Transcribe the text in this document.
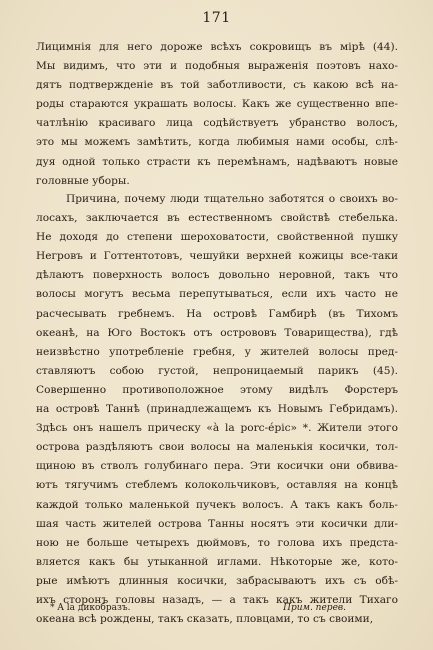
171
Лицимнія для него дороже всѣхъ сокровищъ въ мірѣ (44).
Мы видимъ, что эти и подобныя выраженія поэтовъ нахо-
дятъ подтвержденіе въ той заботливости, съ какою всѣ на-
роды стараются украшать волосы. Какъ же существенно впе-
чатлѣнію красиваго лица содѣйствуетъ убранство волосъ,
это мы можемъ замѣтить, когда любимыя нами особы, слѣ-
дуя одной только страсти къ перемѣнамъ, надѣваютъ новые
головные уборы.
Причина, почему люди тщательно заботятся о своихъ во-
лосахъ, заключается въ естественномъ свойствѣ стебелька.
Не доходя до степени шероховатости, свойственной пушку
Негровъ и Готтентотовъ, чешуйки верхней кожицы все-таки
дѣлаютъ поверхность волосъ довольно неровной, такъ что
волосы могутъ весьма перепутываться, если ихъ часто не
расчесывать гребнемъ. На островѣ Гамбирѣ (въ Тихомъ
океанѣ, на Юго Востокъ отъ острововъ Товарищества), гдѣ
неизвѣстно употребленіе гребня, у жителей волосы пред-
ставляютъ собою густой, непроницаемый парикъ (45).
Совершенно противоположное этому видѣлъ Форстеръ
на островѣ Таннѣ (принадлежащемъ къ Новымъ Гебридамъ).
Здѣсь онъ нашелъ прическу «à la porc-épic» *. Жители этого
острова раздѣляютъ свои волосы на маленькія косички, тол-
щиною въ стволъ голубинаго пера. Эти косички они обвива-
ютъ тягучимъ стеблемъ колокольчиковъ, оставляя на концѣ
каждой только маленькой пучекъ волосъ. А такъ какъ боль-
шая часть жителей острова Танны носятъ эти косички дли-
ною не больше четырехъ дюймовъ, то голова ихъ предста-
вляется какъ бы утыканной иглами. Нѣкоторые же, кото-
рые имѣютъ длинныя косички, забрасываютъ ихъ съ обѣ-
ихъ сторонъ головы назадъ, — а такъ какъ жители Тихаго
океана всѣ рождены, такъ сказать, пловцами, то съ своими,
* A la дикобразъ.	Прим. перев.
